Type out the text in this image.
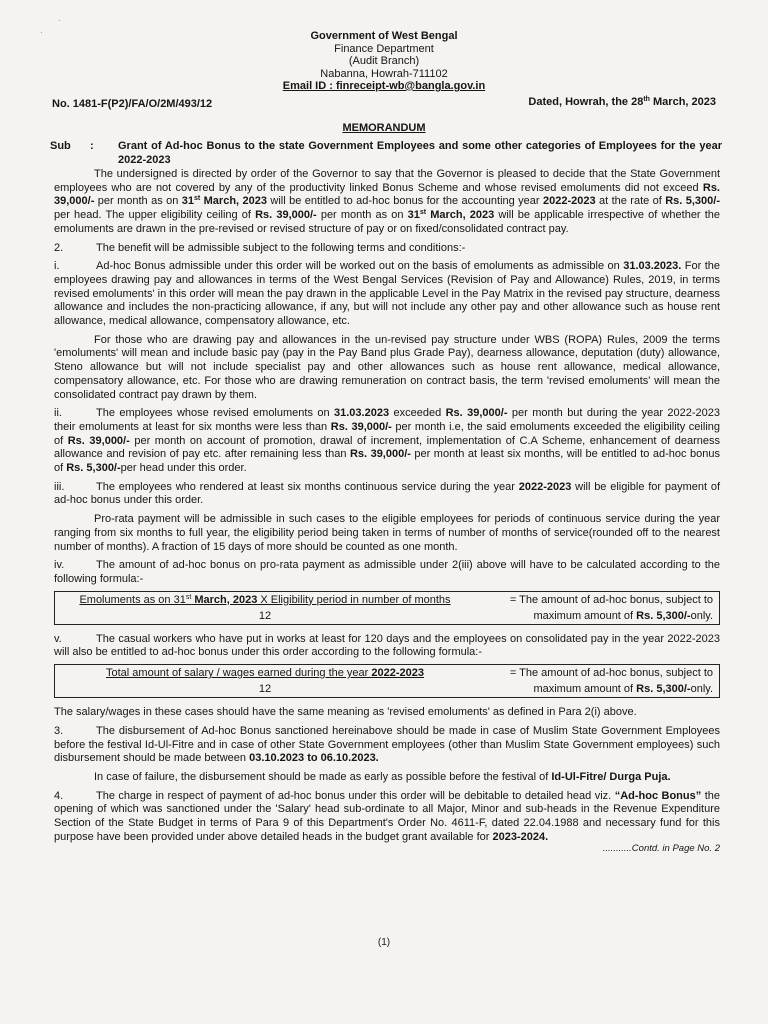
·
·	Government of West Bengal
Finance Department
(Audit Branch)
Nabanna, Howrah-711102
Email ID : finreceipt-wb@bangla.gov.in
No. 1481-F(P2)/FA/O/2M/493/12	Dated, Howrah, the 28th March, 2023
MEMORANDUM
Sub : Grant of Ad-hoc Bonus to the state Government Employees and some other categories of Employees for the year 2022-2023

The undersigned is directed by order of the Governor to say that the Governor is pleased to decide that the State Government employees who are not covered by any of the productivity linked Bonus Scheme and whose revised emoluments did not exceed Rs. 39,000/- per month as on 31st March, 2023 will be entitled to ad-hoc bonus for the accounting year 2022-2023 at the rate of Rs. 5,300/- per head. The upper eligibility ceiling of Rs. 39,000/- per month as on 31st March, 2023 will be applicable irrespective of whether the emoluments are drawn in the pre-revised or revised structure of pay or on fixed/consolidated contract pay.

2.	The benefit will be admissible subject to the following terms and conditions:-

i.	Ad-hoc Bonus admissible under this order will be worked out on the basis of emoluments as admissible on 31.03.2023. For the employees drawing pay and allowances in terms of the West Bengal Services (Revision of Pay and Allowance) Rules, 2019, in terms revised emoluments' in this order will mean the pay drawn in the applicable Level in the Pay Matrix in the revised pay structure, dearness allowance and includes the non-practicing allowance, if any, but will not include any other pay and other allowance such as house rent allowance, medical allowance, compensatory allowance, etc.

For those who are drawing pay and allowances in the un-revised pay structure under WBS (ROPA) Rules, 2009 the terms 'emoluments' will mean and include basic pay (pay in the Pay Band plus Grade Pay), dearness allowance, deputation (duty) allowance, Steno allowance but will not include specialist pay and other allowances such as house rent allowance, medical allowance, compensatory allowance, etc. For those who are drawing remuneration on contract basis, the term 'revised emoluments' will mean the consolidated contract pay drawn by them.

ii.	The employees whose revised emoluments on 31.03.2023 exceeded Rs. 39,000/- per month but during the year 2022-2023 their emoluments at least for six months were less than Rs. 39,000/- per month i.e, the said emoluments exceeded the eligibility ceiling of Rs. 39,000/- per month on account of promotion, drawal of increment, implementation of C.A Scheme, enhancement of dearness allowance and revision of pay etc. after remaining less than Rs. 39,000/- per month at least six months, will be entitled to ad-hoc bonus of Rs. 5,300/-per head under this order.

iii.	The employees who rendered at least six months continuous service during the year 2022-2023 will be eligible for payment of ad-hoc bonus under this order.

Pro-rata payment will be admissible in such cases to the eligible employees for periods of continuous service during the year ranging from six months to full year, the eligibility period being taken in terms of number of months of service(rounded off to the nearest number of months). A fraction of 15 days of more should be counted as one month.

iv.	The amount of ad-hoc bonus on pro-rata payment as admissible under 2(iii) above will have to be calculated according to the following formula:-

Emoluments as on 31st March, 2023 X Eligibility period in number of months
12
= The amount of ad-hoc bonus, subject to
maximum amount of Rs. 5,300/-only.

v.	The casual workers who have put in works at least for 120 days and the employees on consolidated pay in the year 2022-2023 will also be entitled to ad-hoc bonus under this order according to the following formula:-

Total amount of salary / wages earned during the year 2022-2023
12
= The amount of ad-hoc bonus, subject to
maximum amount of Rs. 5,300/-only.

The salary/wages in these cases should have the same meaning as 'revised emoluments' as defined in Para 2(i) above.

3.	The disbursement of Ad-hoc Bonus sanctioned hereinabove should be made in case of Muslim State Government Employees before the festival Id-Ul-Fitre and in case of other State Government employees (other than Muslim State Government employees) such disbursement should be made between 03.10.2023 to 06.10.2023.

In case of failure, the disbursement should be made as early as possible before the festival of Id-Ul-Fitre/ Durga Puja.

4.	The charge in respect of payment of ad-hoc bonus under this order will be debitable to detailed head viz. “Ad-hoc Bonus” the opening of which was sanctioned under the 'Salary' head sub-ordinate to all Major, Minor and sub-heads in the Revenue Expenditure Section of the State Budget in terms of Para 9 of this Department's Order No. 4611-F, dated 22.04.1988 and necessary fund for this purpose have been provided under above detailed heads in the budget grant available for 2023-2024.

...........Contd. in Page No. 2
(1)
